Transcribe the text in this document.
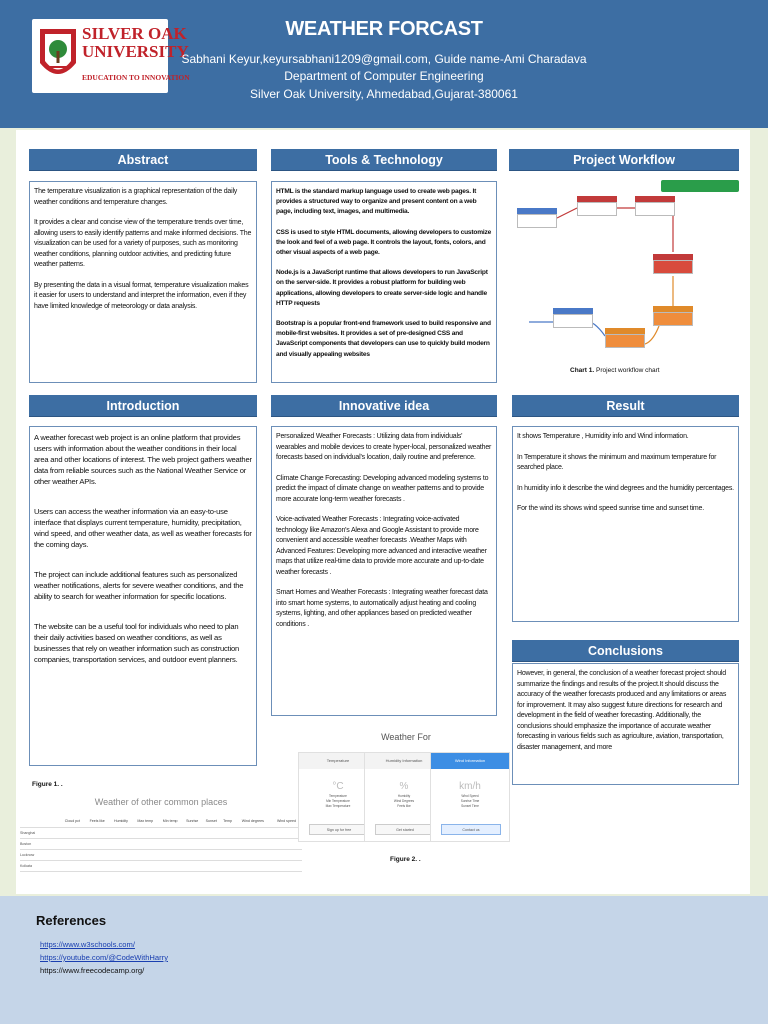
SILVER OAK
UNIVERSITY
EDUCATION TO INNOVATION
WEATHER FORCAST
Sabhani Keyur,keyursabhani1209@gmail.com, Guide name-Ami Charadava
Department of Computer Engineering
Silver Oak University, Ahmedabad,Gujarat-380061
Abstract

The temperature visualization is a graphical representation of the daily weather conditions and temperature changes.

It provides a clear and concise view of the temperature trends over time, allowing users to easily identify patterns and make informed decisions. The visualization can be used for a variety of purposes, such as monitoring weather conditions, planning outdoor activities, and predicting future weather patterns.

By presenting the data in a visual format, temperature visualization makes it easier for users to understand and interpret the information, even if they have limited knowledge of meteorology or data analysis.

Tools & Technology

HTML is the standard markup language used to create web pages. It provides a structured way to organize and present content on a web page, including text, images, and multimedia.

CSS is used to style HTML documents, allowing developers to customize the look and feel of a web page. It controls the layout, fonts, colors, and other visual aspects of a web page.

Node.js is a JavaScript runtime that allows developers to run JavaScript on the server-side. It provides a robust platform for building web applications, allowing developers to create server-side logic and handle HTTP requests

Bootstrap is a popular front-end framework used to build responsive and mobile-first websites. It provides a set of pre-designed CSS and JavaScript components that developers can use to quickly build modern and visually appealing websites

Project Workflow
Chart 1. Project workflow chart
Introduction

A weather forecast web project is an online platform that provides users with information about the weather conditions in their local area and other locations of interest. The web project gathers weather data from reliable sources such as the National Weather Service or other weather APIs.

Users can access the weather information via an easy-to-use interface that displays current temperature, humidity, precipitation, wind speed, and other weather data, as well as weather forecasts for the coming days.

The project can include additional features such as personalized weather notifications, alerts for severe weather conditions, and the ability to search for weather information for specific locations.

The website can be a useful tool for individuals who need to plan their daily activities based on weather conditions, as well as businesses that rely on weather information such as construction companies, transportation services, and outdoor event planners.

Innovative idea

Personalized Weather Forecasts : Utilizing data from individuals' wearables and mobile devices to create hyper-local, personalized weather forecasts based on individual's location, daily routine and preference.

Climate Change Forecasting: Developing advanced modeling systems to predict the impact of climate change on weather patterns and to provide more accurate long-term weather forecasts .

Voice-activated Weather Forecasts : Integrating voice-activated technology like Amazon's Alexa and Google Assistant to provide more convenient and accessible weather forecasts .Weather Maps with Advanced Features: Developing more advanced and interactive weather maps that utilize real-time data to provide more accurate and up-to-date weather forecasts .

Smart Homes and Weather Forecasts : Integrating weather forecast data into smart home systems, to automatically adjust heating and cooling systems, lighting, and other appliances based on predicted weather conditions .

Result

It shows Temperature , Humidity info and Wind information.

In Temperature it shows the minimum and maximum temperature for searched place.

In humidity info it describe the wind degrees and the humidity percentages.

For the wind its shows wind speed sunrise time and sunset time.

Conclusions

However, in general, the conclusion of a weather forecast project should summarize the findings and results of the project.It should discuss the accuracy of the weather forecasts produced and any limitations or areas for improvement. It may also suggest future directions for research and development in the field of weather forecasting. Additionally, the conclusions should emphasize the importance of accurate weather forecasting in various fields such as agriculture, aviation, transportation, disaster management, and more

Figure 1. .
Weather of other common places
	Cloud pct	Feels like	Humidity	Max temp	Min temp	Sunrise	Sunset	Temp	Wind degrees	Wind speed
Shanghai										
Boston										
Lucknow										
Kolkata										
Weather For
Temperature
°C
Temperature
Min Temperature
Max Temperature
Sign up for free
Humidity Information
%
Humidity
Wind Degrees
Feels like
Get started
Wind Information
km/h
Wind Speed
Sunrise Time
Sunset Time
Contact us
Figure 2. .
References
https://www.w3schools.com/
https://youtube.com/@CodeWithHarry
https://www.freecodecamp.org/
